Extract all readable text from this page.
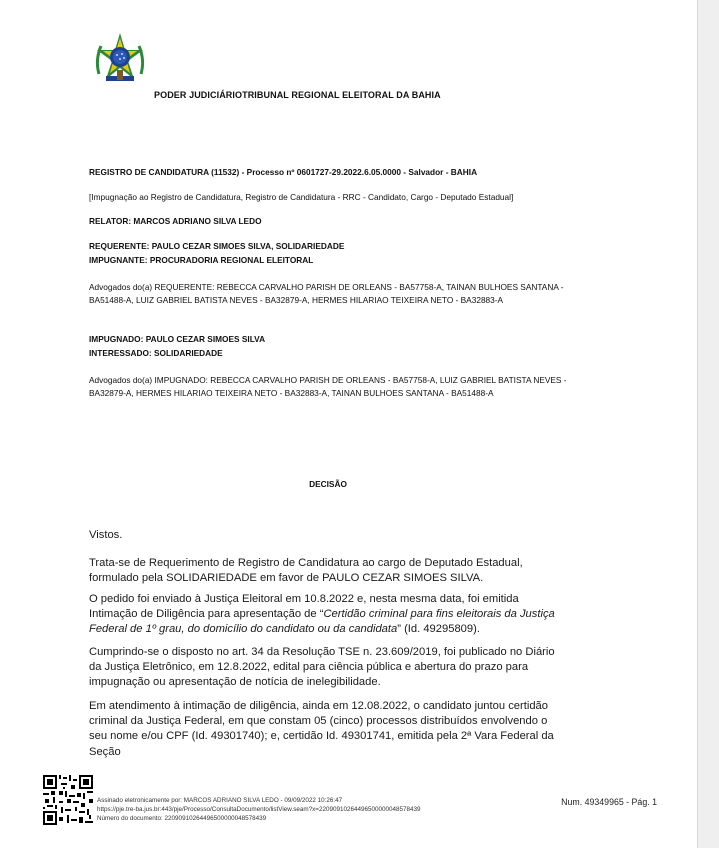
PODER JUDICIÁRIOTRIBUNAL REGIONAL ELEITORAL DA BAHIA
REGISTRO DE CANDIDATURA (11532) - Processo nº 0601727-29.2022.6.05.0000 - Salvador - BAHIA
[Impugnação ao Registro de Candidatura, Registro de Candidatura - RRC - Candidato, Cargo - Deputado Estadual]
RELATOR: MARCOS ADRIANO SILVA LEDO
REQUERENTE: PAULO CEZAR SIMOES SILVA, SOLIDARIEDADE
IMPUGNANTE: PROCURADORIA REGIONAL ELEITORAL
Advogados do(a) REQUERENTE: REBECCA CARVALHO PARISH DE ORLEANS - BA57758-A, TAINAN BULHOES SANTANA - BA51488-A, LUIZ GABRIEL BATISTA NEVES - BA32879-A, HERMES HILARIAO TEIXEIRA NETO - BA32883-A
IMPUGNADO: PAULO CEZAR SIMOES SILVA
INTERESSADO: SOLIDARIEDADE
Advogados do(a) IMPUGNADO: REBECCA CARVALHO PARISH DE ORLEANS - BA57758-A, LUIZ GABRIEL BATISTA NEVES - BA32879-A, HERMES HILARIAO TEIXEIRA NETO - BA32883-A, TAINAN BULHOES SANTANA - BA51488-A
DECISÃO
Vistos.
Trata-se de Requerimento de Registro de Candidatura ao cargo de Deputado Estadual, formulado pela SOLIDARIEDADE em favor de PAULO CEZAR SIMOES SILVA.
O pedido foi enviado à Justiça Eleitoral em 10.8.2022 e, nesta mesma data, foi emitida Intimação de Diligência para apresentação de “Certidão criminal para fins eleitorais da Justiça Federal de 1º grau, do domicílio do candidato ou da candidata” (Id. 49295809).
Cumprindo-se o disposto no art. 34 da Resolução TSE n. 23.609/2019, foi publicado no Diário da Justiça Eletrônico, em 12.8.2022, edital para ciência pública e abertura do prazo para impugnação ou apresentação de notícia de inelegibilidade.
Em atendimento à intimação de diligência, ainda em 12.08.2022, o candidato juntou certidão criminal da Justiça Federal, em que constam 05 (cinco) processos distribuídos envolvendo o seu nome e/ou CPF (Id. 49301740); e, certidão Id. 49301741, emitida pela 2ª Vara Federal da Seção
Assinado eletronicamente por: MARCOS ADRIANO SILVA LEDO - 09/09/2022 10:26:47
https://pje.tre-ba.jus.br:443/pje/Processo/ConsultaDocumento/listView.seam?x=22090910264496500000048578439
Número do documento: 22090910264496500000048578439
Num. 49349965 - Pág. 1
